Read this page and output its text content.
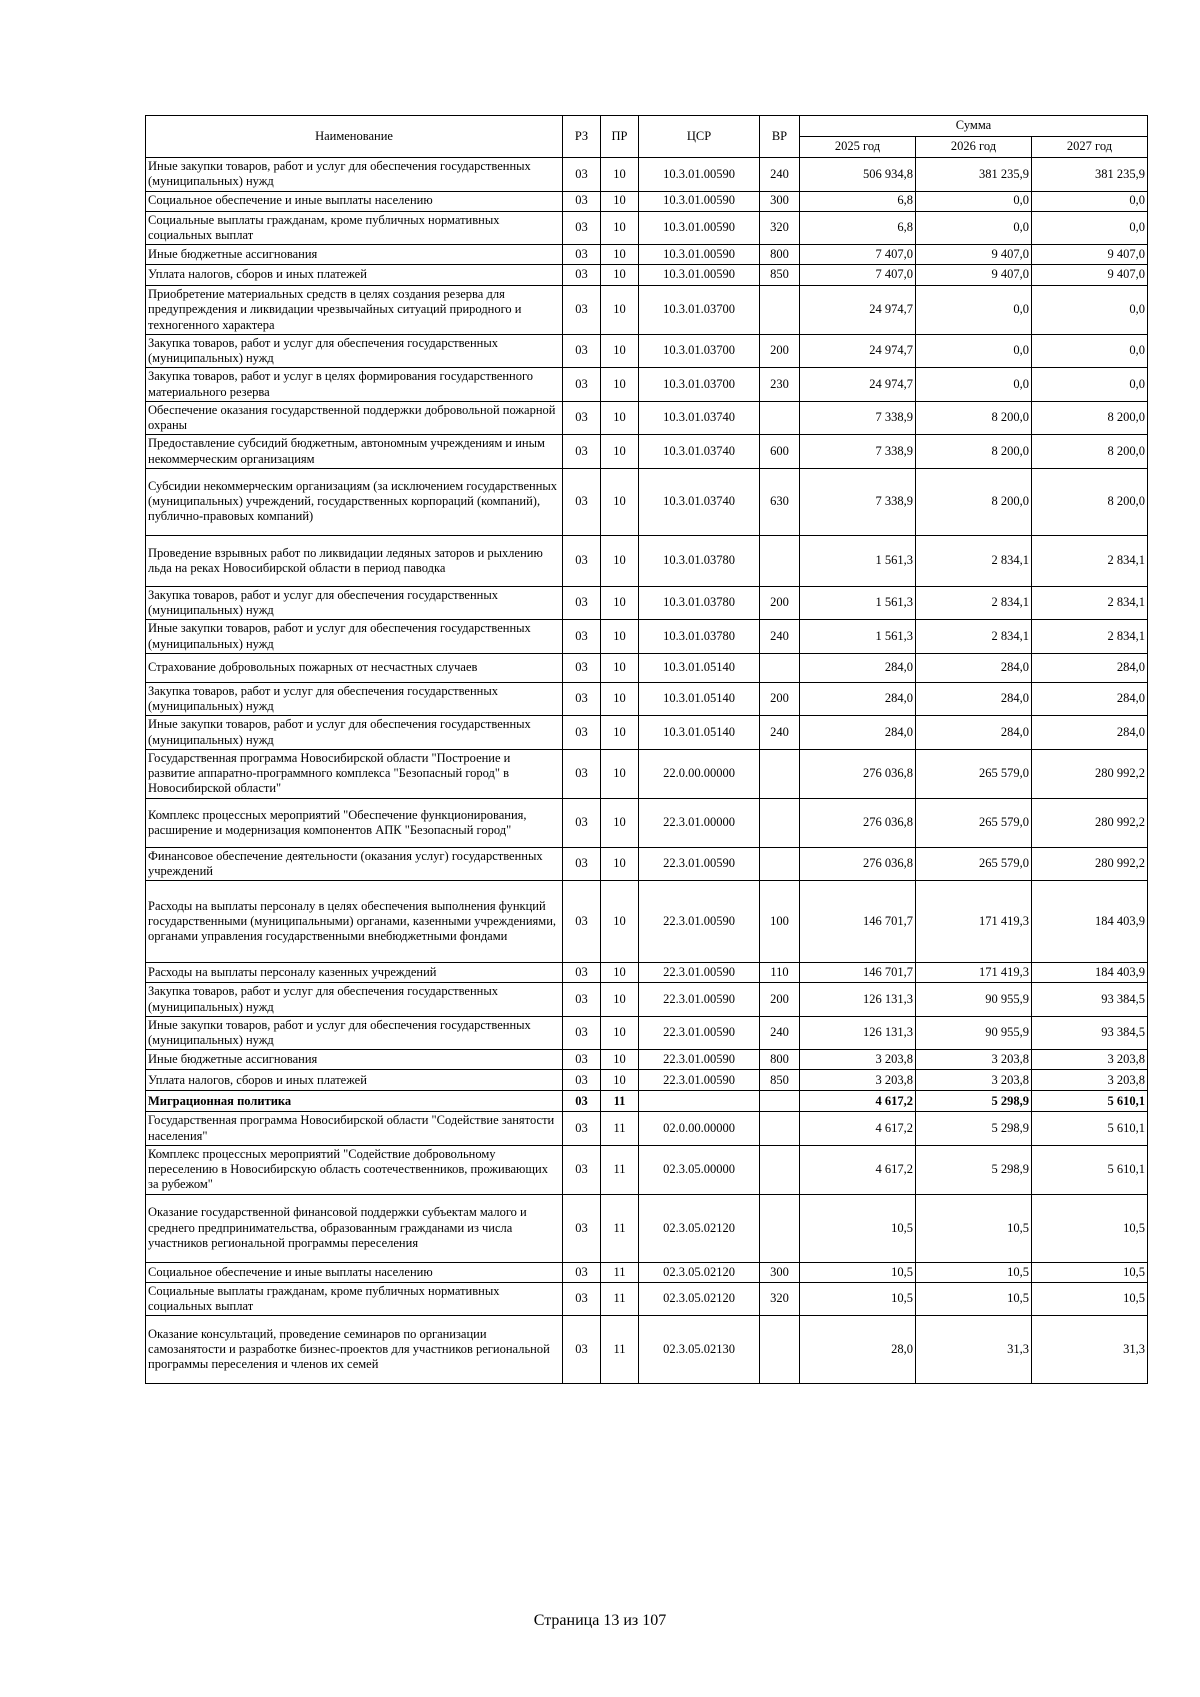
Наименование	РЗ	ПР	ЦСР	ВР	Сумма		
					2025 год	2026 год	2027 год
Иные закупки товаров, работ и услуг для обеспечения государственных (муниципальных) нужд	03	10	10.3.01.00590	240	506 934,8	381 235,9	381 235,9
Социальное обеспечение и иные выплаты населению	03	10	10.3.01.00590	300	6,8	0,0	0,0
Социальные выплаты гражданам, кроме публичных нормативных социальных выплат	03	10	10.3.01.00590	320	6,8	0,0	0,0
Иные бюджетные ассигнования	03	10	10.3.01.00590	800	7 407,0	9 407,0	9 407,0
Уплата налогов, сборов и иных платежей	03	10	10.3.01.00590	850	7 407,0	9 407,0	9 407,0
Приобретение материальных средств в целях создания резерва для предупреждения и ликвидации чрезвычайных ситуаций природного и техногенного характера	03	10	10.3.01.03700		24 974,7	0,0	0,0
Закупка товаров, работ и услуг для обеспечения государственных (муниципальных) нужд	03	10	10.3.01.03700	200	24 974,7	0,0	0,0
Закупка товаров, работ и услуг в целях формирования государственного материального резерва	03	10	10.3.01.03700	230	24 974,7	0,0	0,0
Обеспечение оказания государственной поддержки добровольной пожарной охраны	03	10	10.3.01.03740		7 338,9	8 200,0	8 200,0
Предоставление субсидий бюджетным, автономным учреждениям и иным некоммерческим организациям	03	10	10.3.01.03740	600	7 338,9	8 200,0	8 200,0
Субсидии некоммерческим организациям (за исключением государственных (муниципальных) учреждений, государственных корпораций (компаний), публично-правовых компаний)	03	10	10.3.01.03740	630	7 338,9	8 200,0	8 200,0
Проведение взрывных работ по ликвидации ледяных заторов и рыхлению льда на реках Новосибирской области в период паводка	03	10	10.3.01.03780		1 561,3	2 834,1	2 834,1
Закупка товаров, работ и услуг для обеспечения государственных (муниципальных) нужд	03	10	10.3.01.03780	200	1 561,3	2 834,1	2 834,1
Иные закупки товаров, работ и услуг для обеспечения государственных (муниципальных) нужд	03	10	10.3.01.03780	240	1 561,3	2 834,1	2 834,1
Страхование добровольных пожарных от несчастных случаев	03	10	10.3.01.05140		284,0	284,0	284,0
Закупка товаров, работ и услуг для обеспечения государственных (муниципальных) нужд	03	10	10.3.01.05140	200	284,0	284,0	284,0
Иные закупки товаров, работ и услуг для обеспечения государственных (муниципальных) нужд	03	10	10.3.01.05140	240	284,0	284,0	284,0
Государственная программа Новосибирской области "Построение и развитие аппаратно-программного комплекса "Безопасный город" в Новосибирской области"	03	10	22.0.00.00000		276 036,8	265 579,0	280 992,2
Комплекс процессных мероприятий "Обеспечение функционирования, расширение и модернизация компонентов АПК "Безопасный город"	03	10	22.3.01.00000		276 036,8	265 579,0	280 992,2
Финансовое обеспечение деятельности (оказания услуг) государственных учреждений	03	10	22.3.01.00590		276 036,8	265 579,0	280 992,2
Расходы на выплаты персоналу в целях обеспечения выполнения функций государственными (муниципальными) органами, казенными учреждениями, органами управления государственными внебюджетными фондами	03	10	22.3.01.00590	100	146 701,7	171 419,3	184 403,9
Расходы на выплаты персоналу казенных учреждений	03	10	22.3.01.00590	110	146 701,7	171 419,3	184 403,9
Закупка товаров, работ и услуг для обеспечения государственных (муниципальных) нужд	03	10	22.3.01.00590	200	126 131,3	90 955,9	93 384,5
Иные закупки товаров, работ и услуг для обеспечения государственных (муниципальных) нужд	03	10	22.3.01.00590	240	126 131,3	90 955,9	93 384,5
Иные бюджетные ассигнования	03	10	22.3.01.00590	800	3 203,8	3 203,8	3 203,8
Уплата налогов, сборов и иных платежей	03	10	22.3.01.00590	850	3 203,8	3 203,8	3 203,8
Миграционная политика	03	11			4 617,2	5 298,9	5 610,1
Государственная программа Новосибирской области "Содействие занятости населения"	03	11	02.0.00.00000		4 617,2	5 298,9	5 610,1
Комплекс процессных мероприятий "Содействие добровольному переселению в Новосибирскую область соотечественников, проживающих за рубежом"	03	11	02.3.05.00000		4 617,2	5 298,9	5 610,1
Оказание государственной финансовой поддержки субъектам малого и среднего предпринимательства, образованным гражданами из числа участников региональной программы переселения	03	11	02.3.05.02120		10,5	10,5	10,5
Социальное обеспечение и иные выплаты населению	03	11	02.3.05.02120	300	10,5	10,5	10,5
Социальные выплаты гражданам, кроме публичных нормативных социальных выплат	03	11	02.3.05.02120	320	10,5	10,5	10,5
Оказание консультаций, проведение семинаров по организации самозанятости и разработке бизнес-проектов для участников региональной программы переселения и членов их семей	03	11	02.3.05.02130		28,0	31,3	31,3
Страница 13 из 107
